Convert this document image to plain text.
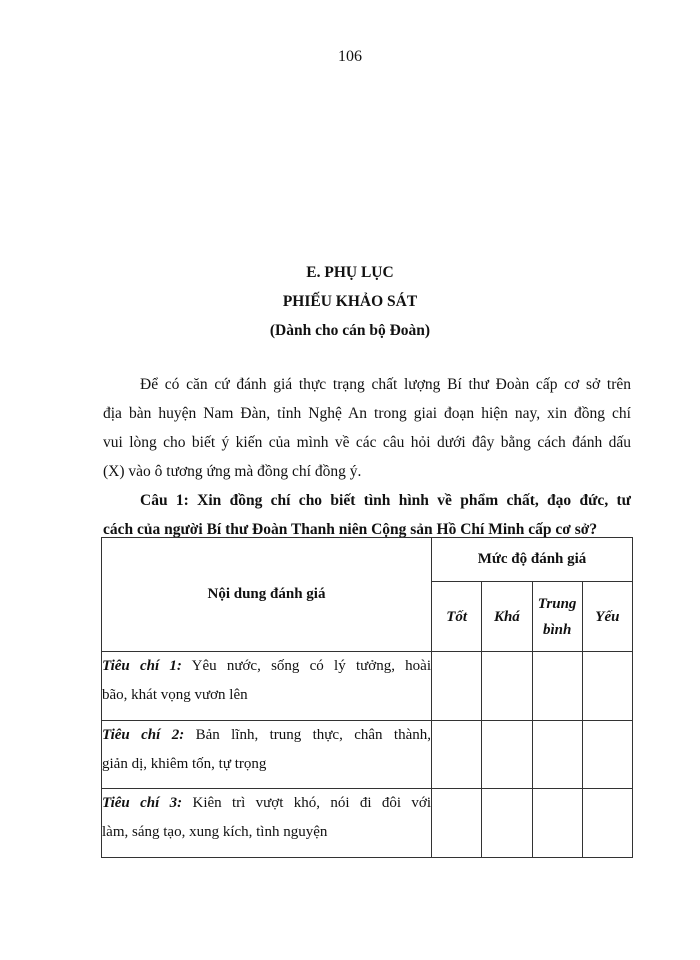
106
E. PHỤ LỤC
PHIẾU KHẢO SÁT
(Dành cho cán bộ Đoàn)
Để có căn cứ đánh giá thực trạng chất lượng Bí thư Đoàn cấp cơ sở trên
địa bàn huyện Nam Đàn, tỉnh Nghệ An trong giai đoạn hiện nay, xin đồng chí
vui lòng cho biết ý kiến của mình về các câu hỏi dưới đây bằng cách đánh dấu
(X) vào ô tương ứng mà đồng chí đồng ý.
Câu 1: Xin đồng chí cho biết tình hình về phẩm chất, đạo đức, tư
cách của người Bí thư Đoàn Thanh niên Cộng sản Hồ Chí Minh cấp cơ sở?
Nội dung đánh giá	Mức độ đánh giá			
	Tốt	Khá	Trung
bình	Yếu

Tiêu chí 1: Yêu nước, sống có lý tưởng, hoài
bão, khát vọng vươn lên				

Tiêu chí 2: Bản lĩnh, trung thực, chân thành,
giản dị, khiêm tốn, tự trọng				

Tiêu chí 3: Kiên trì vượt khó, nói đi đôi với
làm, sáng tạo, xung kích, tình nguyện				
